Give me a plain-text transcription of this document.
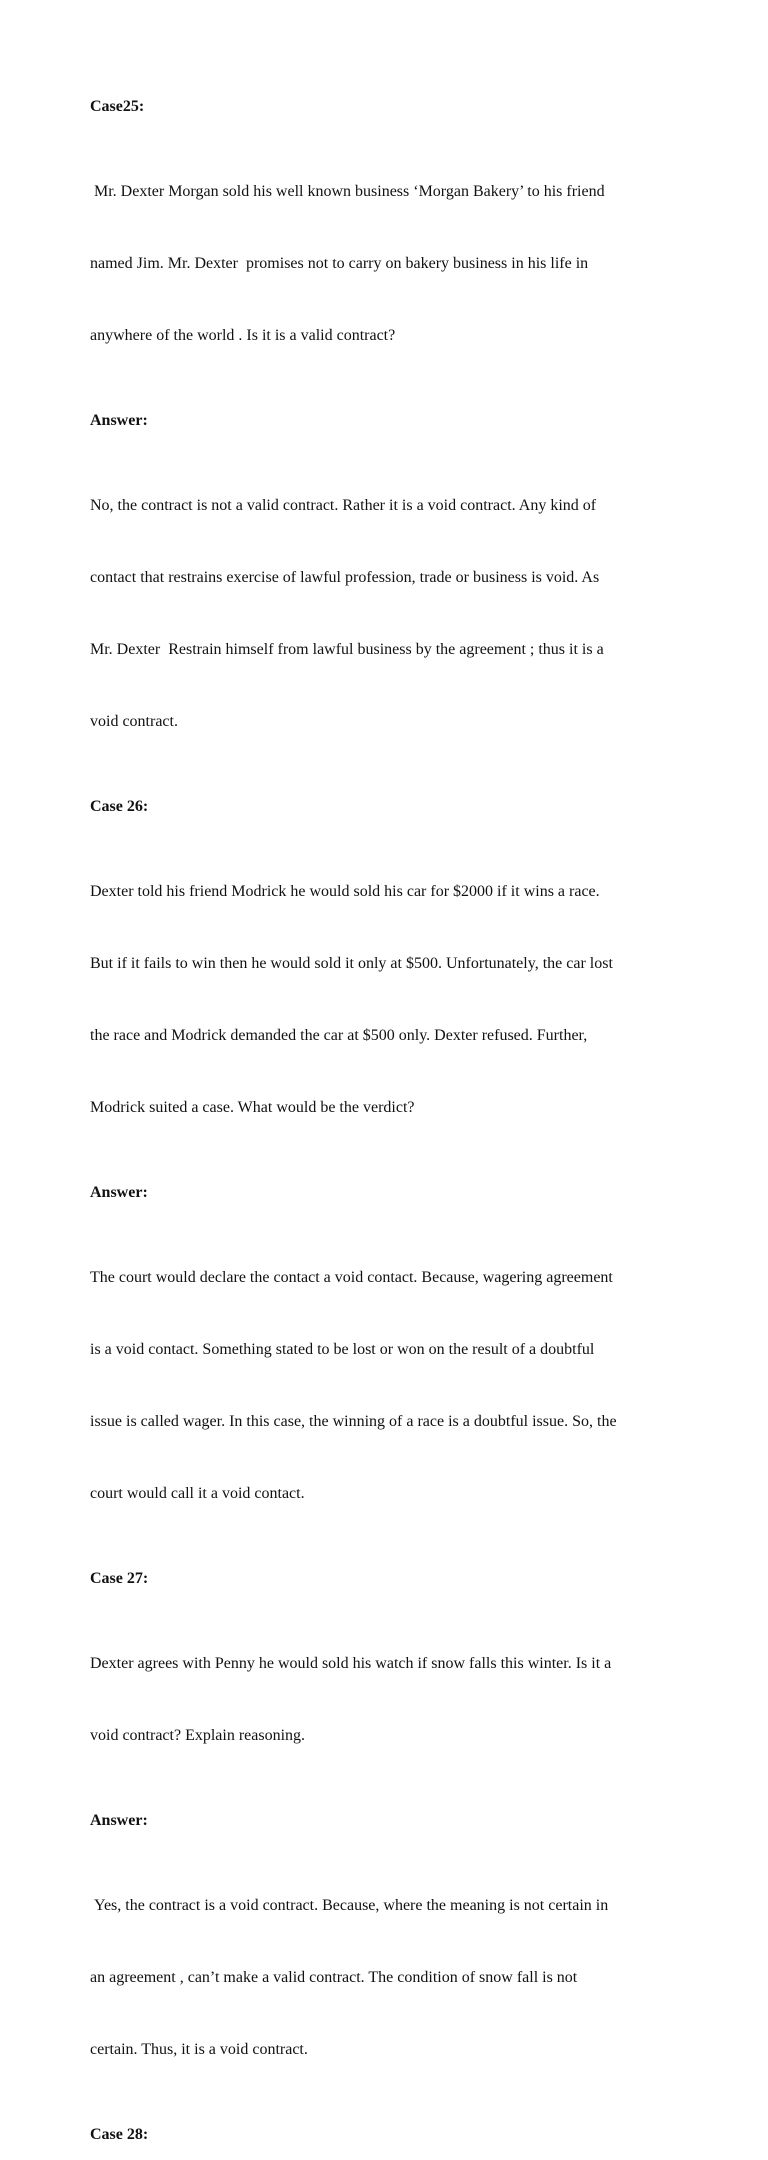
Case25:

Mr. Dexter Morgan sold his well known business ‘Morgan Bakery’ to his friend

named Jim. Mr. Dexter  promises not to carry on bakery business in his life in

anywhere of the world . Is it is a valid contract?

Answer:

No, the contract is not a valid contract. Rather it is a void contract. Any kind of

contact that restrains exercise of lawful profession, trade or business is void. As

Mr. Dexter  Restrain himself from lawful business by the agreement ; thus it is a

void contract.

Case 26:

Dexter told his friend Modrick he would sold his car for $2000 if it wins a race.

But if it fails to win then he would sold it only at $500. Unfortunately, the car lost

the race and Modrick demanded the car at $500 only. Dexter refused. Further,

Modrick suited a case. What would be the verdict?

Answer:

The court would declare the contact a void contact. Because, wagering agreement

is a void contact. Something stated to be lost or won on the result of a doubtful

issue is called wager. In this case, the winning of a race is a doubtful issue. So, the

court would call it a void contact.

Case 27:

Dexter agrees with Penny he would sold his watch if snow falls this winter. Is it a

void contract? Explain reasoning.

Answer:

Yes, the contract is a void contract. Because, where the meaning is not certain in

an agreement , can’t make a valid contract. The condition of snow fall is not

certain. Thus, it is a void contract.

Case 28:
